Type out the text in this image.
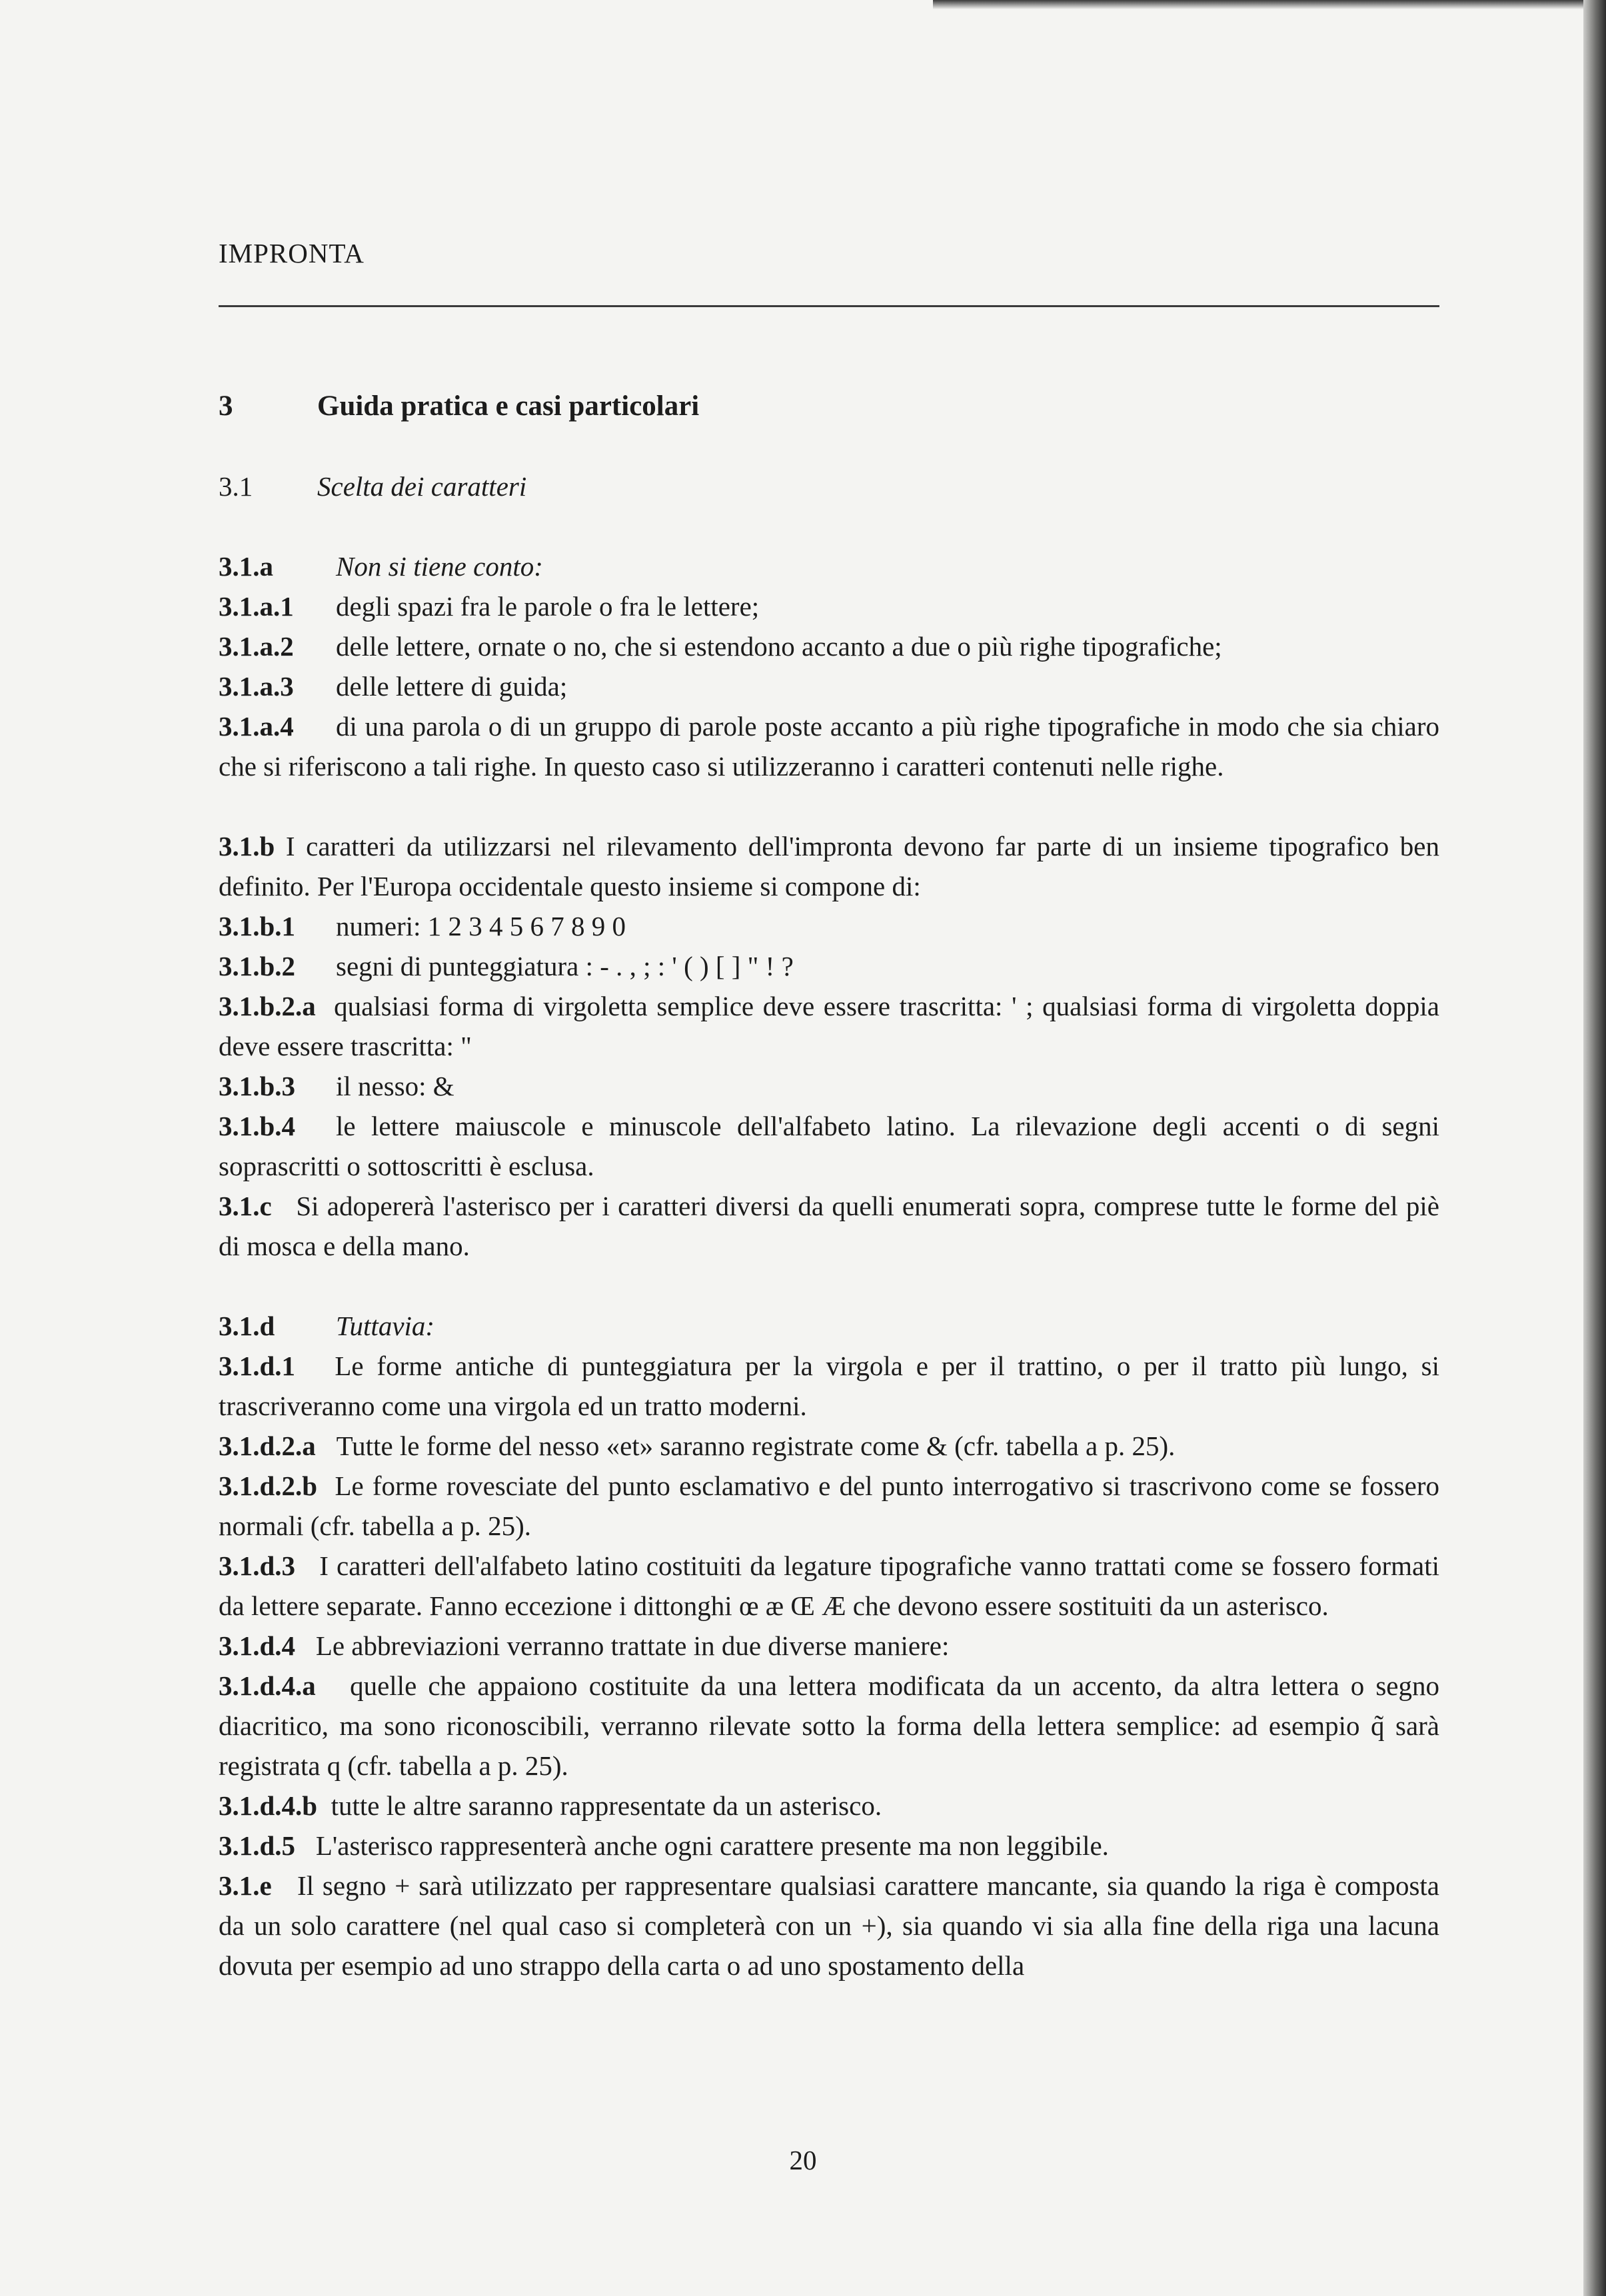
IMPRONTA

3	Guida pratica e casi particolari

3.1 Scelta dei caratteri

3.1.a Non si tiene conto:

3.1.a.1 degli spazi fra le parole o fra le lettere;

3.1.a.2 delle lettere, ornate o no, che si estendono accanto a due o più righe tipografiche;

3.1.a.3 delle lettere di guida;

3.1.a.4 di una parola o di un gruppo di parole poste accanto a più righe tipografiche in modo che sia chiaro che si riferiscono a tali righe. In questo caso si utilizzeranno i caratteri contenuti nelle righe.

3.1.b I caratteri da utilizzarsi nel rilevamento dell'impronta devono far parte di un insieme tipografico ben definito. Per l'Europa occidentale questo insieme si compone di:

3.1.b.1 numeri: 1 2 3 4 5 6 7 8 9 0

3.1.b.2 segni di punteggiatura : - . , ; : ' ( ) [ ] " ! ?

3.1.b.2.a qualsiasi forma di virgoletta semplice deve essere trascritta: ' ; qualsiasi forma di virgoletta doppia deve essere trascritta: "

3.1.b.3 il nesso: &

3.1.b.4 le lettere maiuscole e minuscole dell'alfabeto latino. La rilevazione degli accenti o di segni soprascritti o sottoscritti è esclusa.

3.1.c Si adopererà l'asterisco per i caratteri diversi da quelli enumerati sopra, comprese tutte le forme del piè di mosca e della mano.

3.1.d Tuttavia:

3.1.d.1 Le forme antiche di punteggiatura per la virgola e per il trattino, o per il tratto più lungo, si trascriveranno come una virgola ed un tratto moderni.

3.1.d.2.a Tutte le forme del nesso «et» saranno registrate come & (cfr. tabella a p. 25).

3.1.d.2.b Le forme rovesciate del punto esclamativo e del punto interrogativo si trascrivono come se fossero normali (cfr. tabella a p. 25).

3.1.d.3 I caratteri dell'alfabeto latino costituiti da legature tipografiche vanno trattati come se fossero formati da lettere separate. Fanno eccezione i dittonghi œ æ Œ Æ che devono essere sostituiti da un asterisco.

3.1.d.4 Le abbreviazioni verranno trattate in due diverse maniere:

3.1.d.4.a quelle che appaiono costituite da una lettera modificata da un accento, da altra lettera o segno diacritico, ma sono riconoscibili, verranno rilevate sotto la forma della lettera semplice: ad esempio q̃ sarà registrata q (cfr. tabella a p. 25).

3.1.d.4.b tutte le altre saranno rappresentate da un asterisco.

3.1.d.5 L'asterisco rappresenterà anche ogni carattere presente ma non leggibile.

3.1.e Il segno + sarà utilizzato per rappresentare qualsiasi carattere mancante, sia quando la riga è composta da un solo carattere (nel qual caso si completerà con un +), sia quando vi sia alla fine della riga una lacuna dovuta per esempio ad uno strappo della carta o ad uno spostamento della

20
